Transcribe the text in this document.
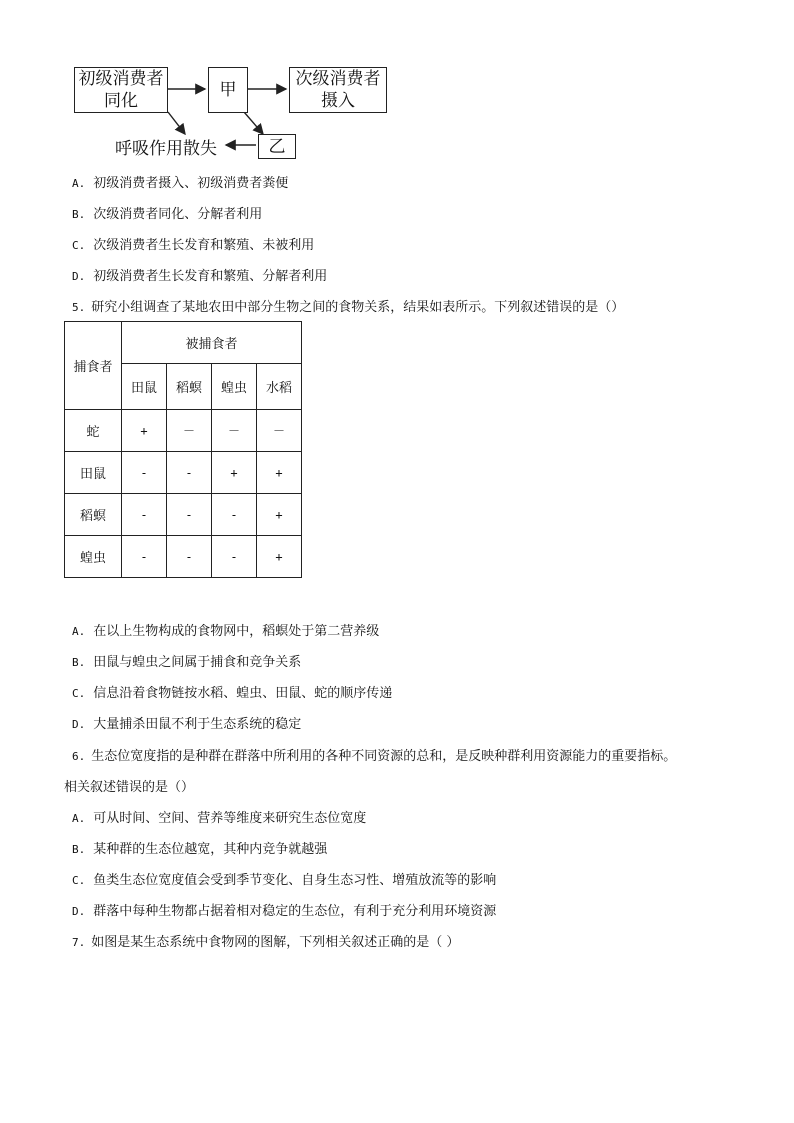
初级消费者
同化
甲
次级消费者
摄入
乙
呼吸作用散失
A. 初级消费者摄入、初级消费者粪便
B. 次级消费者同化、分解者利用
C. 次级消费者生长发育和繁殖、未被利用
D. 初级消费者生长发育和繁殖、分解者利用
5. 研究小组调查了某地农田中部分生物之间的食物关系，结果如表所示。下列叙述错误的是（）
捕食者	被捕食者			
	田鼠	稻螟	蝗虫	水稻
蛇	+	－	－	－
田鼠	-	-	+	+
稻螟	-	-	-	+
蝗虫	-	-	-	+
A. 在以上生物构成的食物网中，稻螟处于第二营养级
B. 田鼠与蝗虫之间属于捕食和竞争关系
C. 信息沿着食物链按水稻、蝗虫、田鼠、蛇的顺序传递
D. 大量捕杀田鼠不利于生态系统的稳定
6. 生态位宽度指的是种群在群落中所利用的各种不同资源的总和，是反映种群利用资源能力的重要指标。
相关叙述错误的是（）
A. 可从时间、空间、营养等维度来研究生态位宽度
B. 某种群的生态位越宽，其种内竞争就越强
C. 鱼类生态位宽度值会受到季节变化、自身生态习性、增殖放流等的影响
D. 群落中每种生物都占据着相对稳定的生态位，有利于充分利用环境资源
7. 如图是某生态系统中食物网的图解，下列相关叙述正确的是（ ）
